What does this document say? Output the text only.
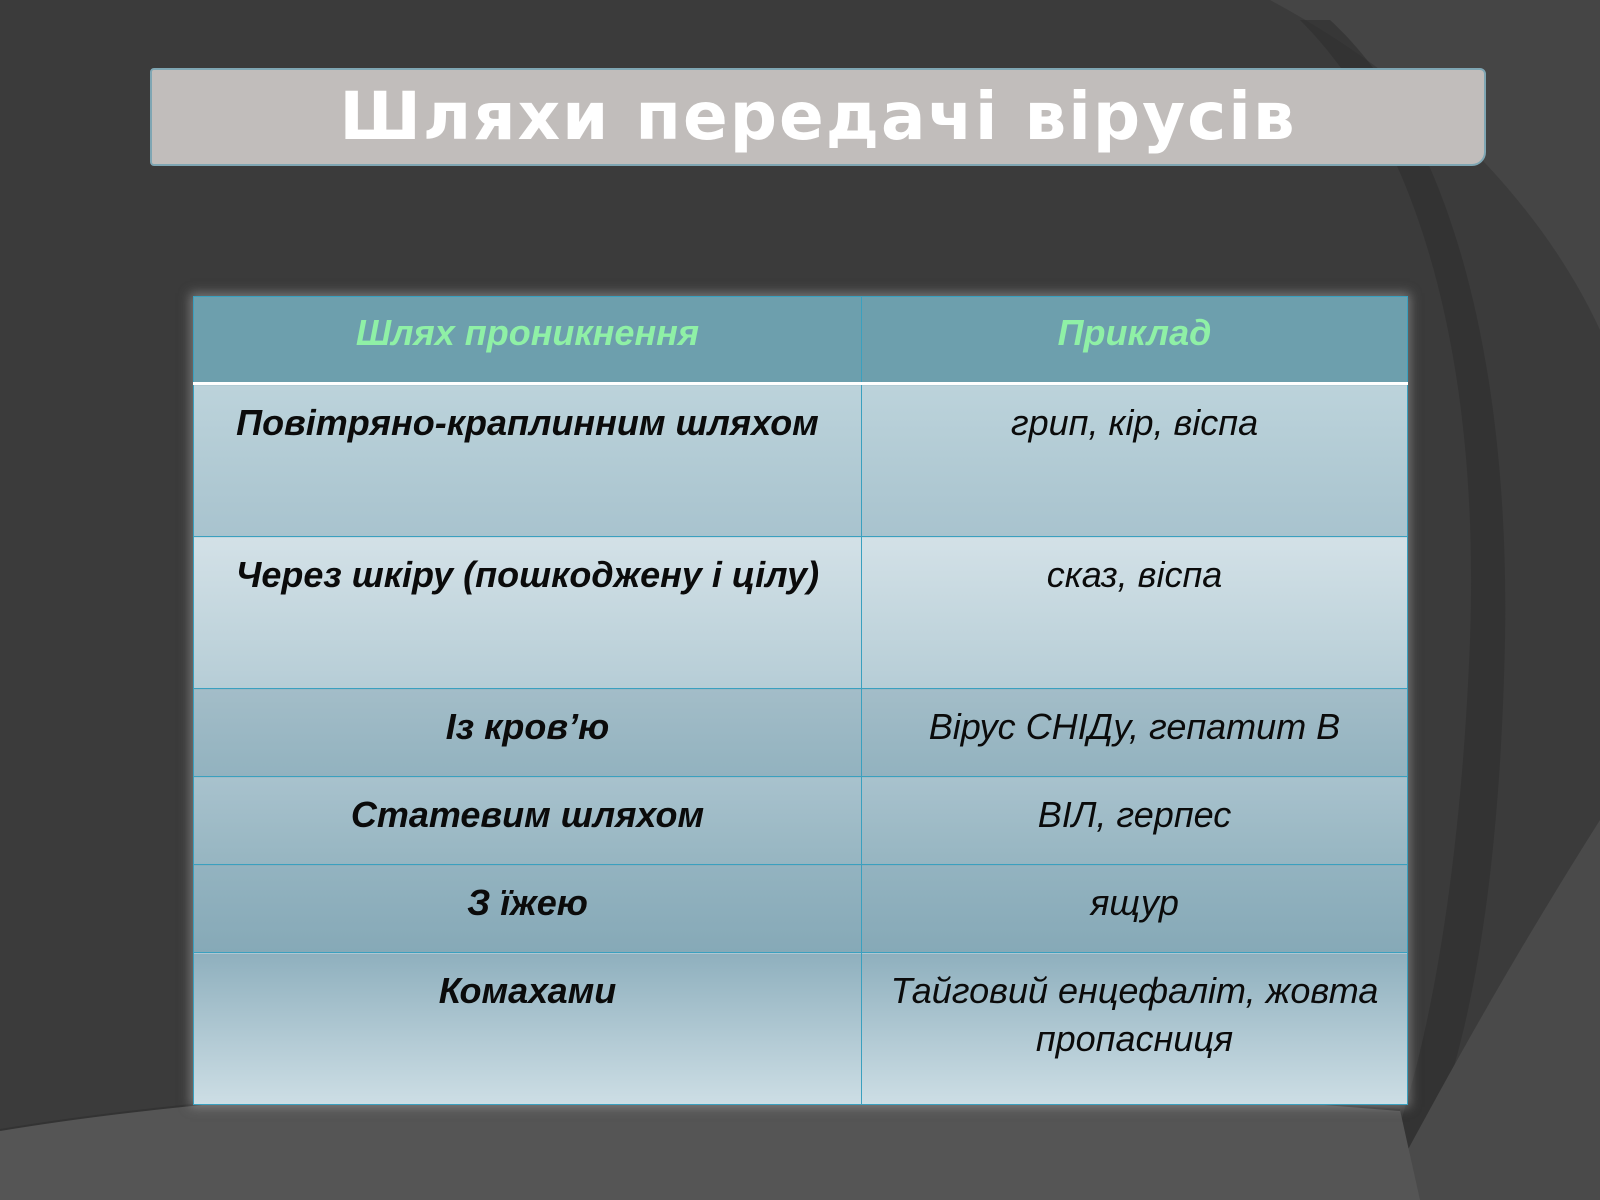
Шляхи передачі вірусів
Шлях проникнення	Приклад
Повітряно-краплинним шляхом	грип, кір, віспа
Через шкіру (пошкоджену і цілу)	сказ, віспа
Із кров’ю	Вірус СНІДу, гепатит В
Статевим шляхом	ВІЛ, герпес
З їжею	ящур
Комахами	Тайговий енцефаліт, жовта пропасниця
